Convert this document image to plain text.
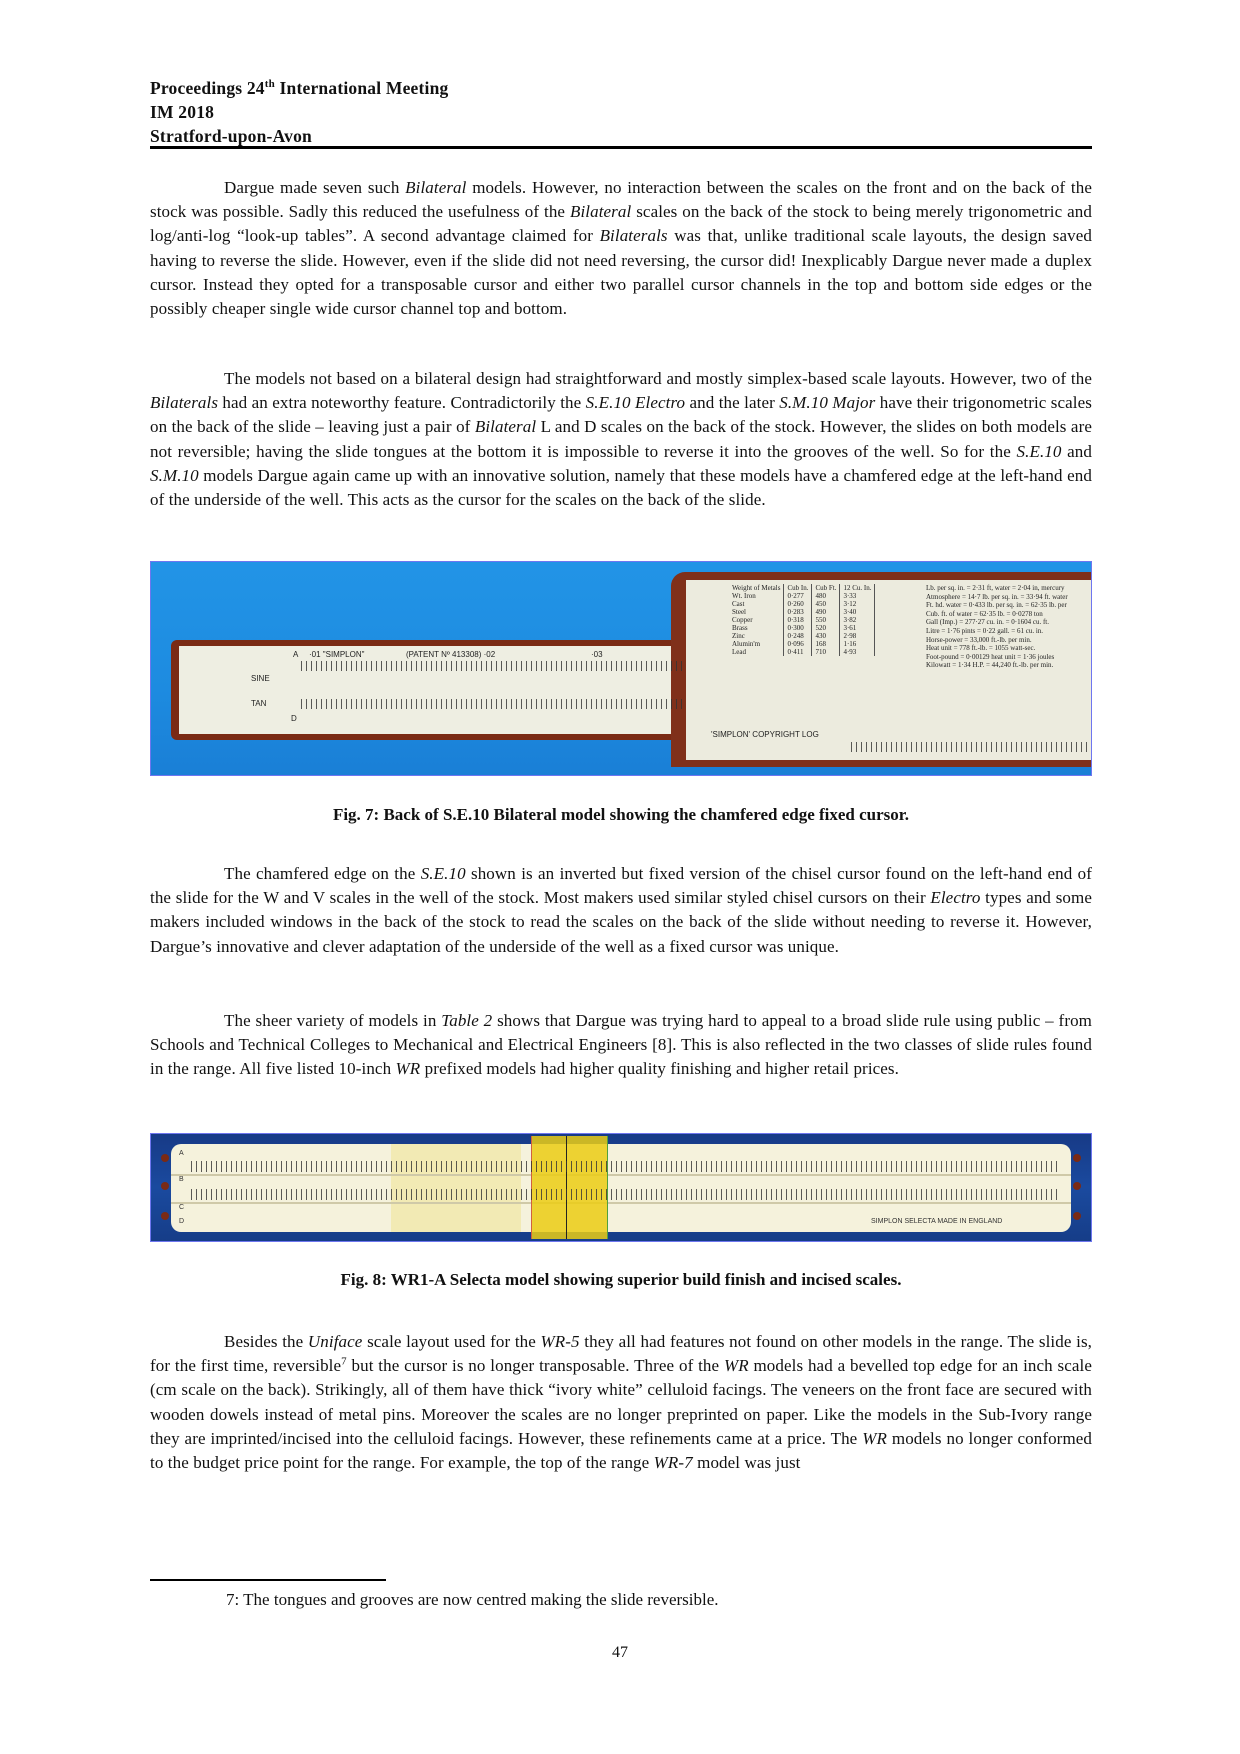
Proceedings 24th International Meeting
IM 2018
Stratford-upon-Avon

Dargue made seven such Bilateral models. However, no interaction between the scales on the front and on the back of the stock was possible. Sadly this reduced the usefulness of the Bilateral scales on the back of the stock to being merely trigonometric and log/anti-log “look-up tables”. A second advantage claimed for Bilaterals was that, unlike traditional scale layouts, the design saved having to reverse the slide. However, even if the slide did not need reversing, the cursor did! Inexplicably Dargue never made a duplex cursor. Instead they opted for a transposable cursor and either two parallel cursor channels in the top and bottom side edges or the possibly cheaper single wide cursor channel top and bottom.

The models not based on a bilateral design had straightforward and mostly simplex-based scale layouts. However, two of the Bilaterals had an extra noteworthy feature. Contradictorily the S.E.10 Electro and the later S.M.10 Major have their trigonometric scales on the back of the slide – leaving just a pair of Bilateral L and D scales on the back of the stock. However, the slides on both models are not reversible; having the slide tongues at the bottom it is impossible to reverse it into the grooves of the well. So for the S.E.10 and S.M.10 models Dargue again came up with an innovative solution, namely that these models have a chamfered edge at the left-hand end of the underside of the well. This acts as the cursor for the scales on the back of the slide.

A ·01 "SIMPLON"	(PATENT Nº 413308) ·02	·03
SINE
TAN
D
Weight of Metals	Cub In.	Cub Ft.	12 Cu. In.
Wt. Iron	0·277	480	3·33
Cast	0·260	450	3·12
Steel	0·283	490	3·40
Copper	0·318	550	3·82
Brass	0·300	520	3·61
Zinc	0·248	430	2·98
Alumin'm	0·096	168	1·16
Lead	0·411	710	4·93
Lb. per sq. in. = 2·31 ft, water = 2·04 in, mercury
Atmosphere = 14·7 lb. per sq. in. = 33·94 ft. water
Ft. hd. water = 0·433 lb. per sq. in. = 62·35 lb. per
Cub. ft. of water = 62·35 lb. = 0·0278 ton
Gall (Imp.) = 277·27 cu. in. = 0·1604 cu. ft.
Litre = 1·76 pints = 0·22 gall. = 61 cu. in.
Horse-power = 33,000 ft.-lb. per min.
Heat unit = 778 ft.-lb. = 1055 watt-sec.
Foot-pound = 0·00129 heat unit = 1·36 joules
Kilowatt = 1·34 H.P. = 44,240 ft.-lb. per min.
'SIMPLON' COPYRIGHT LOG
Fig. 7: Back of S.E.10 Bilateral model showing the chamfered edge fixed cursor.

The chamfered edge on the S.E.10 shown is an inverted but fixed version of the chisel cursor found on the left-hand end of the slide for the W and V scales in the well of the stock. Most makers used similar styled chisel cursors on their Electro types and some makers included windows in the back of the stock to read the scales on the back of the slide without needing to reverse it. However, Dargue’s innovative and clever adaptation of the underside of the well as a fixed cursor was unique.

The sheer variety of models in Table 2 shows that Dargue was trying hard to appeal to a broad slide rule using public – from Schools and Technical Colleges to Mechanical and Electrical Engineers [8]. This is also reflected in the two classes of slide rules found in the range. All five listed 10-inch WR prefixed models had higher quality finishing and higher retail prices.

A
B
C
D	SIMPLON SELECTA MADE IN ENGLAND
Fig. 8: WR1-A Selecta model showing superior build finish and incised scales.

Besides the Uniface scale layout used for the WR-5 they all had features not found on other models in the range. The slide is, for the first time, reversible$^7$ but the cursor is no longer transposable. Three of the WR models had a bevelled top edge for an inch scale (cm scale on the back). Strikingly, all of them have thick “ivory white” celluloid facings. The veneers on the front face are secured with wooden dowels instead of metal pins. Moreover the scales are no longer preprinted on paper. Like the models in the Sub-Ivory range they are imprinted/incised into the celluloid facings. However, these refinements came at a price. The WR models no longer conformed to the budget price point for the range. For example, the top of the range WR-7 model was just

7: The tongues and grooves are now centred making the slide reversible.
47
